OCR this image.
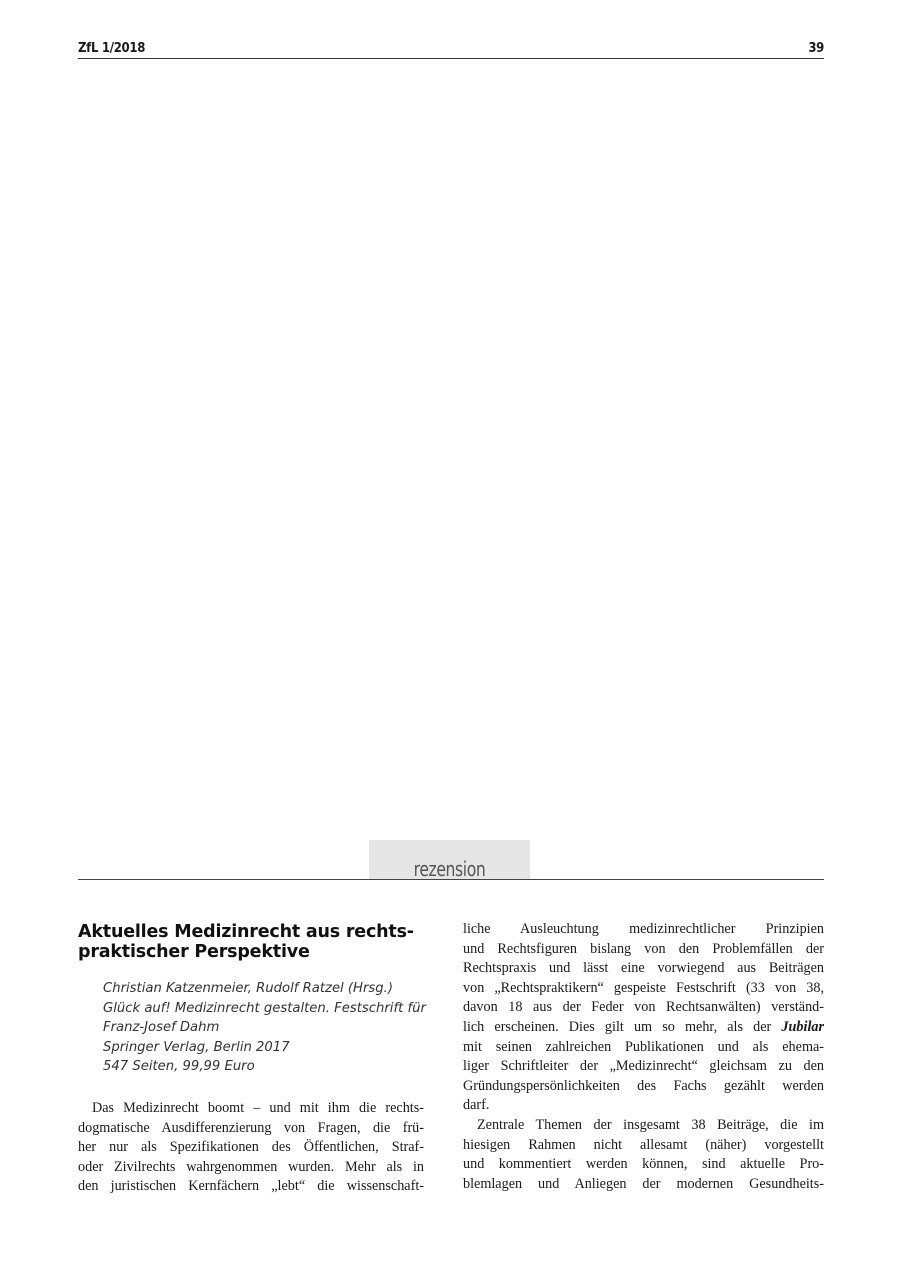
ZfL 1/2018	39
rezension
Aktuelles Medizinrecht aus rechts-
praktischer Perspektive
Christian Katzenmeier, Rudolf Ratzel (Hrsg.)
Glück auf! Medizinrecht gestalten. Festschrift für
Franz-Josef Dahm
Springer Verlag, Berlin 2017
547 Seiten, 99,99 Euro
Das Medizinrecht boomt – und mit ihm die rechts-
dogmatische Ausdifferenzierung von Fragen, die frü-
her nur als Spezifikationen des Öffentlichen, Straf-
oder Zivilrechts wahrgenommen wurden. Mehr als in
den juristischen Kernfächern „lebt“ die wissenschaft-
liche Ausleuchtung medizinrechtlicher Prinzipien
und Rechtsfiguren bislang von den Problemfällen der
Rechtspraxis und lässt eine vorwiegend aus Beiträgen
von „Rechtspraktikern“ gespeiste Festschrift (33 von 38,
davon 18 aus der Feder von Rechtsanwälten) verständ-
lich erscheinen. Dies gilt um so mehr, als der Jubilar
mit seinen zahlreichen Publikationen und als ehema-
liger Schriftleiter der „Medizinrecht“ gleichsam zu den
Gründungspersönlichkeiten des Fachs gezählt werden
darf.
Zentrale Themen der insgesamt 38 Beiträge, die im
hiesigen Rahmen nicht allesamt (näher) vorgestellt
und kommentiert werden können, sind aktuelle Pro-
blemlagen und Anliegen der modernen Gesundheits-
